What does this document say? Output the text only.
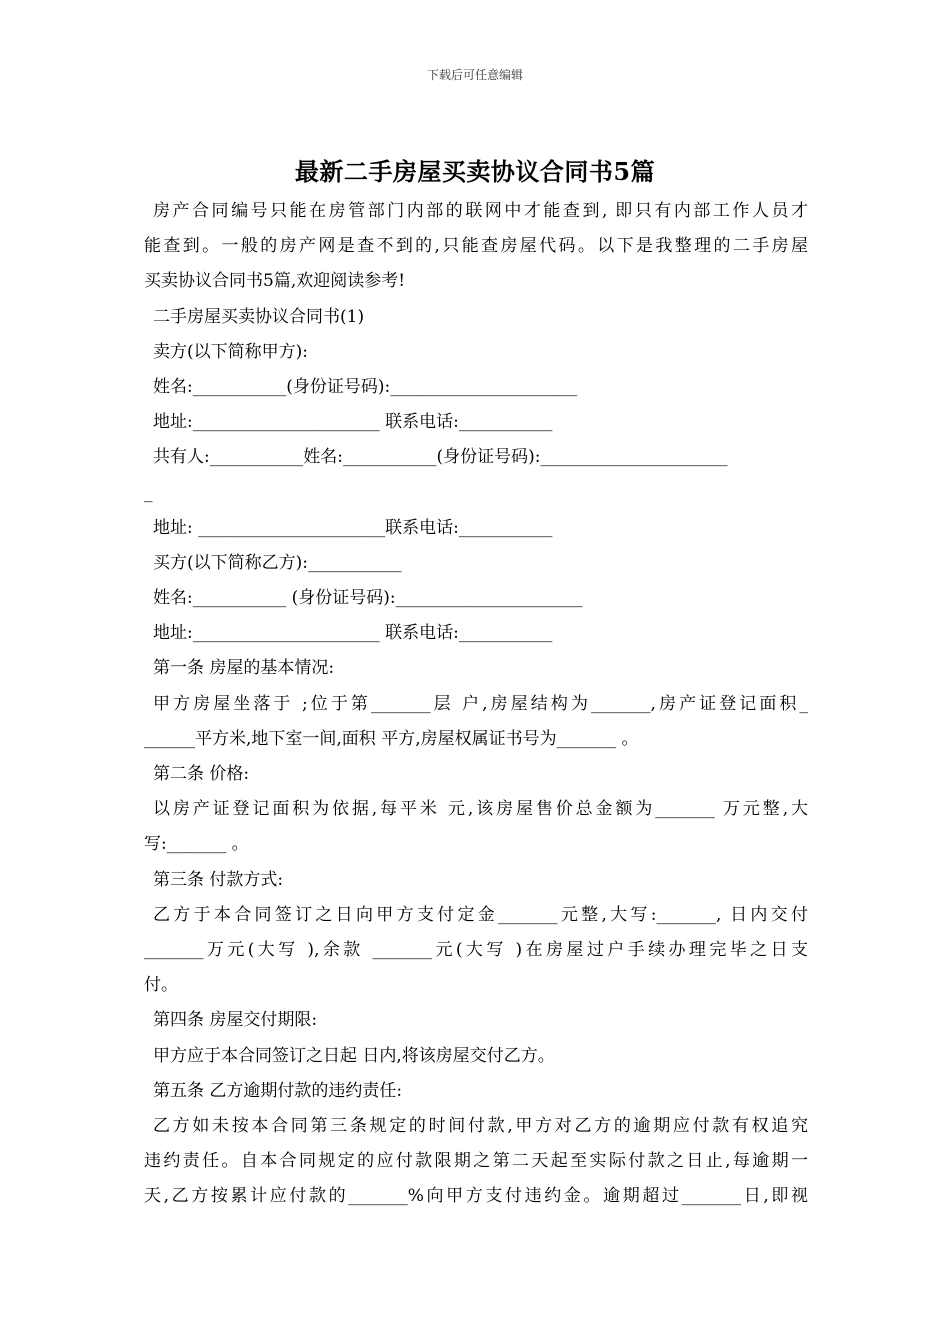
下载后可任意编辑
最新二手房屋买卖协议合同书5篇
房产合同编号只能在房管部门内部的联网中才能查到, 即只有内部工作人员才
能查到。一般的房产网是查不到的,只能查房屋代码。以下是我整理的二手房屋
买卖协议合同书5篇,欢迎阅读参考!
二手房屋买卖协议合同书(1)
卖方(以下简称甲方):
姓名:___________(身份证号码):______________________
地址:______________________ 联系电话:___________
共有人:___________姓名:___________(身份证号码):______________________
_
地址: ______________________联系电话:___________
买方(以下简称乙方):___________
姓名:___________ (身份证号码):______________________
地址:______________________ 联系电话:___________
第一条 房屋的基本情况:
甲方房屋坐落于 ;位于第_______层 户,房屋结构为_______,房产证登记面积_
______平方米,地下室一间,面积 平方,房屋权属证书号为_______ 。
第二条 价格:
以房产证登记面积为依据,每平米 元,该房屋售价总金额为_______ 万元整,大
写:_______ 。
第三条 付款方式:
乙方于本合同签订之日向甲方支付定金_______元整,大写:_______, 日内交付
_______万元(大写 ),余款 _______元(大写 )在房屋过户手续办理完毕之日支
付。
第四条 房屋交付期限:
甲方应于本合同签订之日起 日内,将该房屋交付乙方。
第五条 乙方逾期付款的违约责任:
乙方如未按本合同第三条规定的时间付款,甲方对乙方的逾期应付款有权追究
违约责任。自本合同规定的应付款限期之第二天起至实际付款之日止,每逾期一
天,乙方按累计应付款的_______%向甲方支付违约金。逾期超过_______日,即视
